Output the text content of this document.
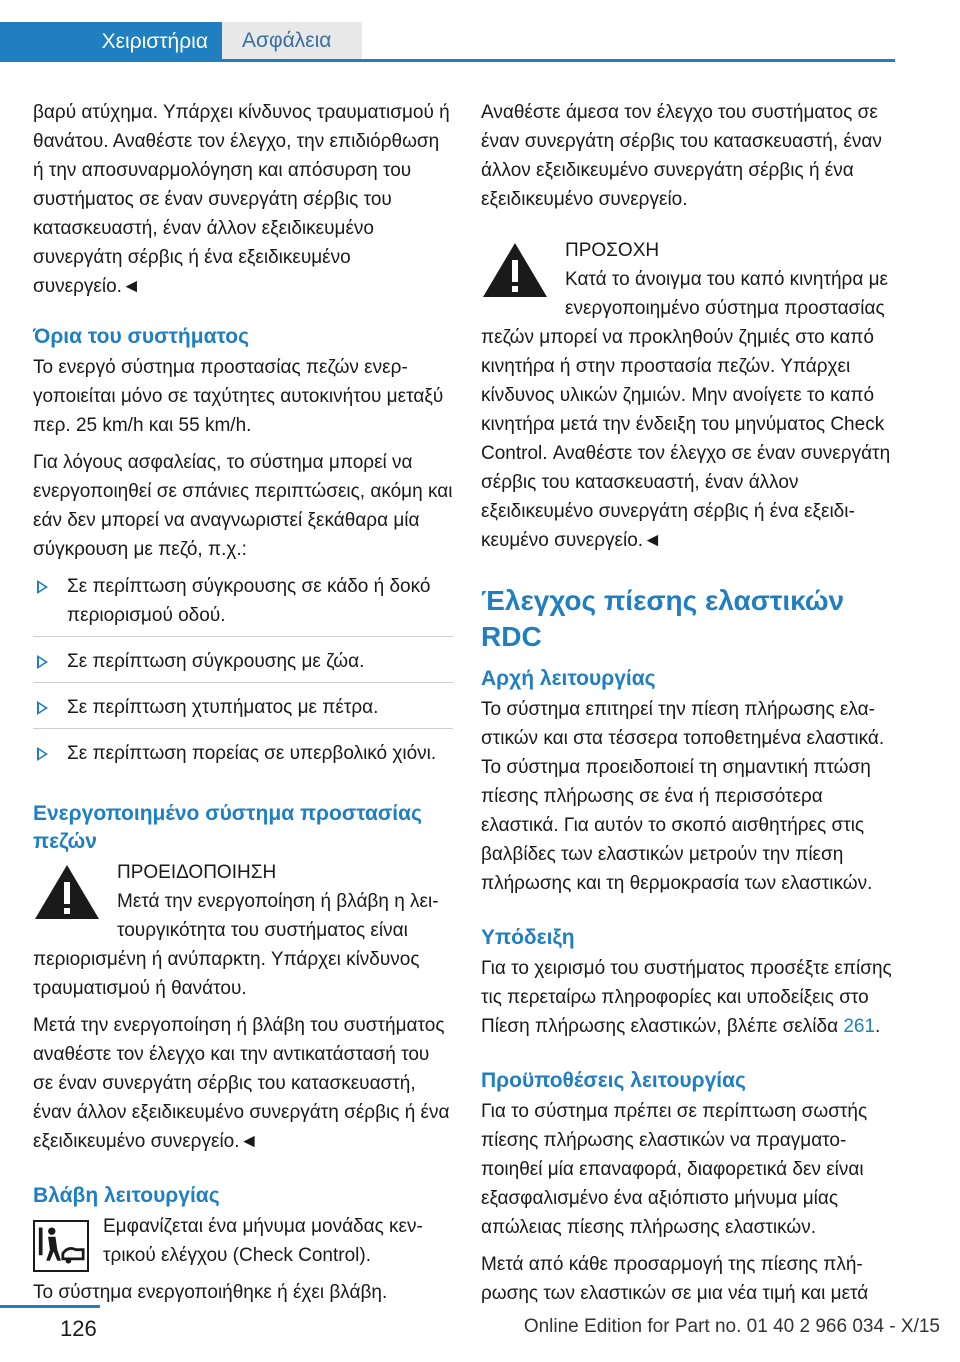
Χειριστήρια Ασφάλεια

βαρύ ατύχημα. Υπάρχει κίνδυνος τραυματισμού ή θανάτου. Αναθέστε τον έλεγχο, την επιδιόρθωση ή την αποσυναρμολόγηση και απόσυρση του συστήματος σε έναν συνεργάτη σέρβις του κατασκευαστή, έναν άλλον εξειδικευμένο συνεργάτη σέρβις ή ένα εξειδικευμένο συνεργείο.◄

Όρια του συστήματος

Το ενεργό σύστημα προστασίας πεζών ενεργοποιείται μόνο σε ταχύτητες αυτοκινήτου μεταξύ περ. 25 km/h και 55 km/h.

Για λόγους ασφαλείας, το σύστημα μπορεί να ενεργοποιηθεί σε σπάνιες περιπτώσεις, ακόμη και εάν δεν μπορεί να αναγνωριστεί ξεκάθαρα μία σύγκρουση με πεζό, π.χ.:

Σε περίπτωση σύγκρουσης σε κάδο ή δοκό περιορισμού οδού.
Σε περίπτωση σύγκρουσης με ζώα.
Σε περίπτωση χτυπήματος με πέτρα.
Σε περίπτωση πορείας σε υπερβολικό χιόνι.
Ενεργοποιημένο σύστημα προστασίας πεζών
ΠΡΟΕΙΔΟΠΟΙΗΣΗ

Μετά την ενεργοποίηση ή βλάβη η λειτουργικότητα του συστήματος είναι περιορισμένη ή ανύπαρκτη. Υπάρχει κίνδυνος τραυματισμού ή θανάτου.

Μετά την ενεργοποίηση ή βλάβη του συστήματος αναθέστε τον έλεγχο και την αντικατάστασή του σε έναν συνεργάτη σέρβις του κατασκευαστή, έναν άλλον εξειδικευμένο συνεργάτη σέρβις ή ένα εξειδικευμένο συνεργείο.◄

Βλάβη λειτουργίας

Εμφανίζεται ένα μήνυμα μονάδας κεντρικού ελέγχου (Check Control).

Το σύστημα ενεργοποιήθηκε ή έχει βλάβη.

Αναθέστε άμεσα τον έλεγχο του συστήματος σε έναν συνεργάτη σέρβις του κατασκευαστή, έναν άλλον εξειδικευμένο συνεργάτη σέρβις ή ένα εξειδικευμένο συνεργείο.

ΠΡΟΣΟΧΗ

Κατά το άνοιγμα του καπό κινητήρα με ενεργοποιημένο σύστημα προστασίας πεζών μπορεί να προκληθούν ζημιές στο καπό κινητήρα ή στην προστασία πεζών. Υπάρχει κίνδυνος υλικών ζημιών. Μην ανοίγετε το καπό κινητήρα μετά την ένδειξη του μηνύματος Check Control. Αναθέστε τον έλεγχο σε έναν συνεργάτη σέρβις του κατασκευαστή, έναν άλλον εξειδικευμένο συνεργάτη σέρβις ή ένα εξειδικευμένο συνεργείο.◄

Έλεγχος πίεσης ελαστικών RDC
Αρχή λειτουργίας

Το σύστημα επιτηρεί την πίεση πλήρωσης ελαστικών και στα τέσσερα τοποθετημένα ελαστικά. Το σύστημα προειδοποιεί τη σημαντική πτώση πίεσης πλήρωσης σε ένα ή περισσότερα ελαστικά. Για αυτόν το σκοπό αισθητήρες στις βαλβίδες των ελαστικών μετρούν την πίεση πλήρωσης και τη θερμοκρασία των ελαστικών.

Υπόδειξη

Για το χειρισμό του συστήματος προσέξτε επίσης τις περεταίρω πληροφορίες και υποδείξεις στο Πίεση πλήρωσης ελαστικών, βλέπε σελίδα 261.

Προϋποθέσεις λειτουργίας

Για το σύστημα πρέπει σε περίπτωση σωστής πίεσης πλήρωσης ελαστικών να πραγματοποιηθεί μία επαναφορά, διαφορετικά δεν είναι εξασφαλισμένο ένα αξιόπιστο μήνυμα μίας απώλειας πίεσης πλήρωσης ελαστικών.

Μετά από κάθε προσαρμογή της πίεσης πλήρωσης των ελαστικών σε μια νέα τιμή και μετά

126	Online Edition for Part no. 01 40 2 966 034 - X/15
